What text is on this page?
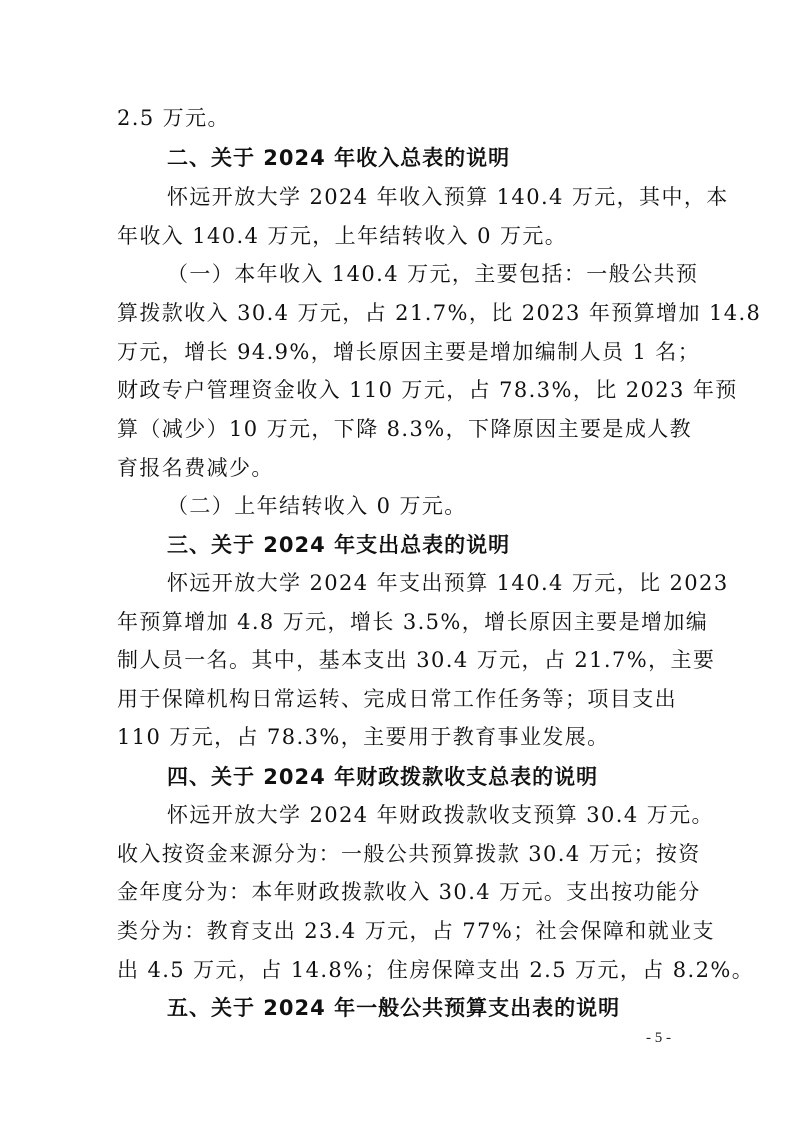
2.5 万元。
二、关于 2024 年收入总表的说明
怀远开放大学 2024 年收入预算 140.4 万元，其中，本
年收入 140.4 万元，上年结转收入 0 万元。
（一）本年收入 140.4 万元，主要包括：一般公共预
算拨款收入 30.4 万元，占 21.7%，比 2023 年预算增加 14.8
万元，增长 94.9%，增长原因主要是增加编制人员 1 名；
财政专户管理资金收入 110 万元，占 78.3%，比 2023 年预
算（减少）10 万元，下降 8.3%，下降原因主要是成人教
育报名费减少。
（二）上年结转收入 0 万元。
三、关于 2024 年支出总表的说明
怀远开放大学 2024 年支出预算 140.4 万元，比 2023
年预算增加 4.8 万元，增长 3.5%，增长原因主要是增加编
制人员一名。其中，基本支出 30.4 万元，占 21.7%，主要
用于保障机构日常运转、完成日常工作任务等；项目支出
110 万元，占 78.3%，主要用于教育事业发展。
四、关于 2024 年财政拨款收支总表的说明
怀远开放大学 2024 年财政拨款收支预算 30.4 万元。
收入按资金来源分为：一般公共预算拨款 30.4 万元；按资
金年度分为：本年财政拨款收入 30.4 万元。支出按功能分
类分为：教育支出 23.4 万元，占 77%；社会保障和就业支
出 4.5 万元，占 14.8%；住房保障支出 2.5 万元，占 8.2%。
五、关于 2024 年一般公共预算支出表的说明
- 5 -
